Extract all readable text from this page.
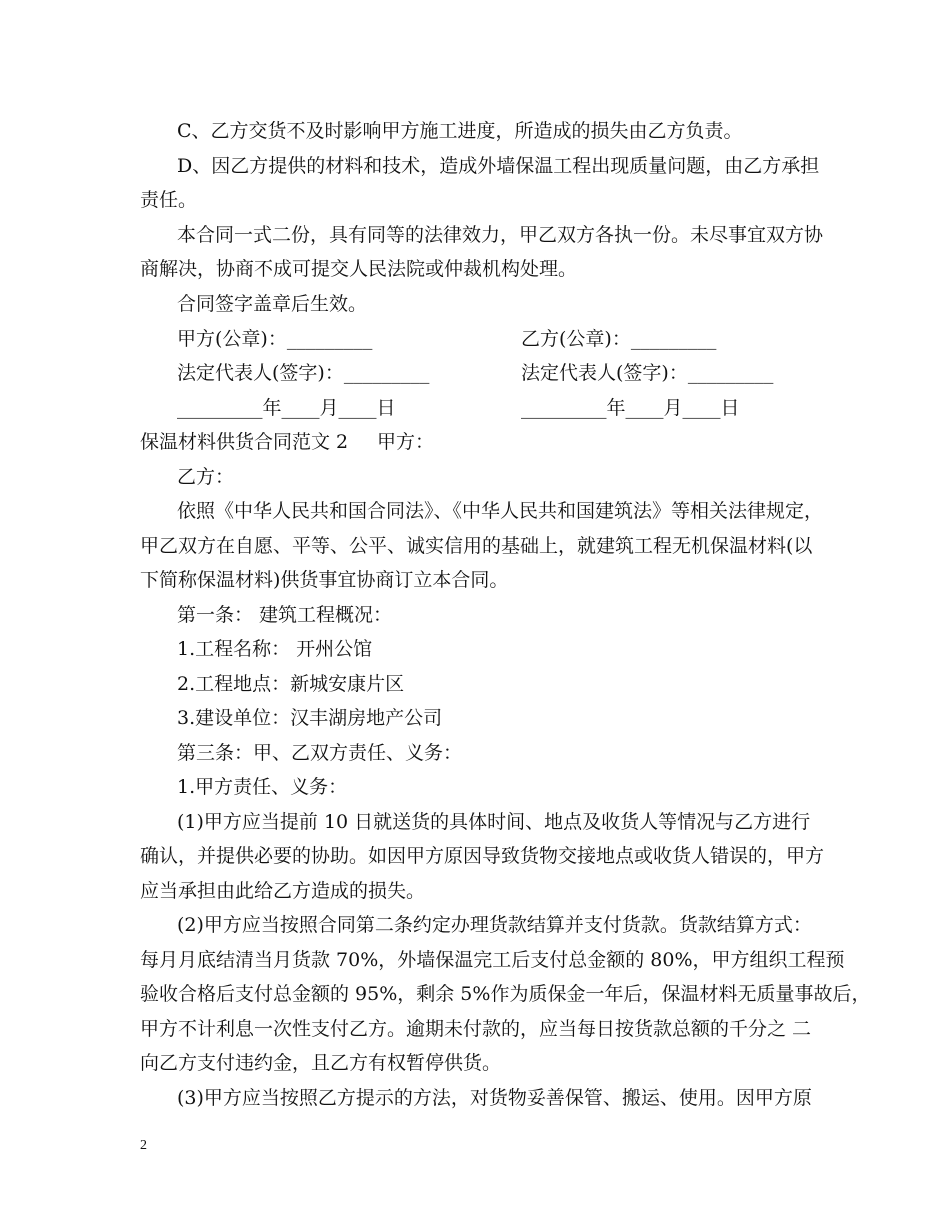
C、乙方交货不及时影响甲方施工进度，所造成的损失由乙方负责。
D、因乙方提供的材料和技术，造成外墙保温工程出现质量问题，由乙方承担
责任。
本合同一式二份，具有同等的法律效力，甲乙双方各执一份。未尽事宜双方协
商解决，协商不成可提交人民法院或仲裁机构处理。
合同签字盖章后生效。
甲方(公章)：_________	乙方(公章)：_________
法定代表人(签字)：_________	法定代表人(签字)：_________
_________年____月____日	_________年____月____日
保温材料供货合同范文 2 甲方：
乙方：
依照《中华人民共和国合同法》、《中华人民共和国建筑法》等相关法律规定，
甲乙双方在自愿、平等、公平、诚实信用的基础上，就建筑工程无机保温材料(以
下简称保温材料)供货事宜协商订立本合同。
第一条： 建筑工程概况：
1.工程名称： 开州公馆
2.工程地点：新城安康片区
3.建设单位：汉丰湖房地产公司
第三条：甲、乙双方责任、义务：
1.甲方责任、义务：
(1)甲方应当提前 10 日就送货的具体时间、地点及收货人等情况与乙方进行
确认，并提供必要的协助。如因甲方原因导致货物交接地点或收货人错误的，甲方
应当承担由此给乙方造成的损失。
(2)甲方应当按照合同第二条约定办理货款结算并支付货款。货款结算方式：
每月月底结清当月货款 70%，外墙保温完工后支付总金额的 80%，甲方组织工程预
验收合格后支付总金额的 95%，剩余 5%作为质保金一年后，保温材料无质量事故后，
甲方不计利息一次性支付乙方。逾期未付款的，应当每日按货款总额的千分之 二
向乙方支付违约金，且乙方有权暂停供货。
(3)甲方应当按照乙方提示的方法，对货物妥善保管、搬运、使用。因甲方原
2
